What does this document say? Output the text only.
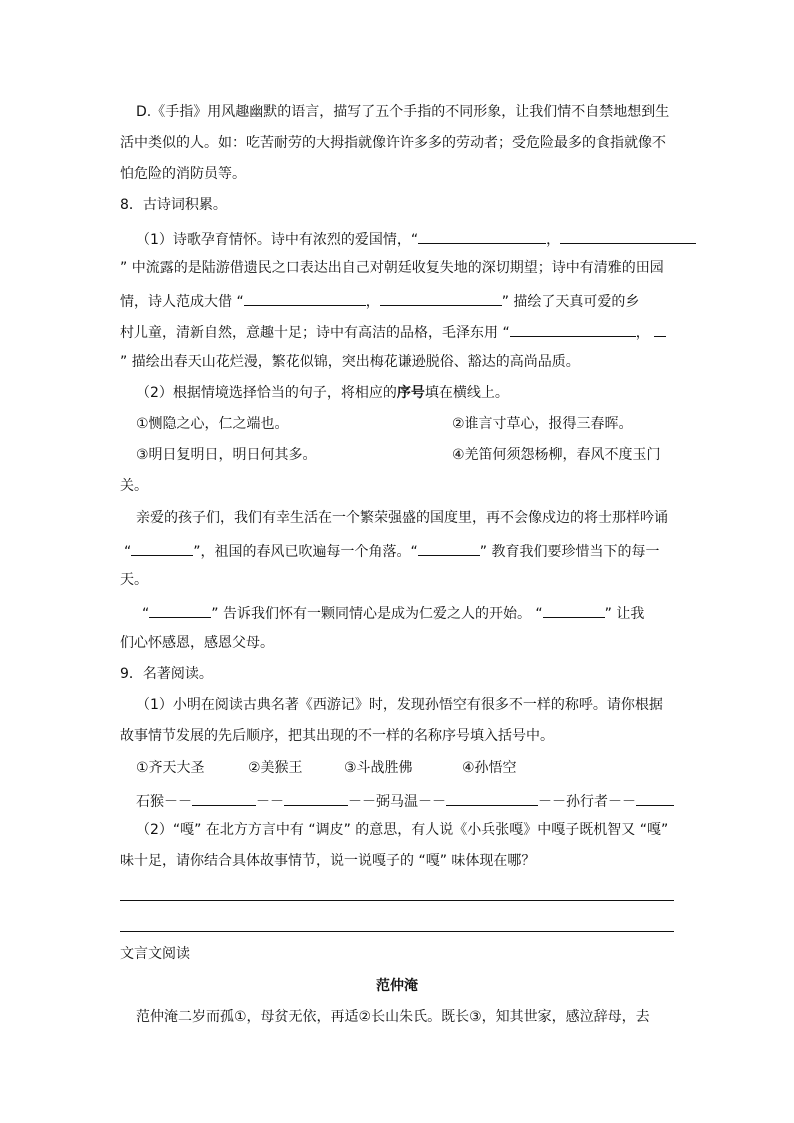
D.《手指》用风趣幽默的语言，描写了五个手指的不同形象，让我们情不自禁地想到生
活中类似的人。如：吃苦耐劳的大拇指就像许许多多的劳动者；受危险最多的食指就像不
怕危险的消防员等。
8．古诗词积累。
（1）诗歌孕育情怀。诗中有浓烈的爱国情，“	，
” 中流露的是陆游借遗民之口表达出自己对朝廷收复失地的深切期望；诗中有清雅的田园
情，诗人范成大借 “	，	” 描绘了天真可爱的乡
村儿童，清新自然，意趣十足；诗中有高洁的品格，毛泽东用 “	，
” 描绘出春天山花烂漫，繁花似锦，突出梅花谦逊脱俗、豁达的高尚品质。
（2）根据情境选择恰当的句子，将相应的序号填在横线上。
①恻隐之心，仁之端也。	②谁言寸草心，报得三春晖。
③明日复明日，明日何其多。	④羌笛何须怨杨柳，春风不度玉门
关。
亲爱的孩子们，我们有幸生活在一个繁荣强盛的国度里，再不会像戍边的将士那样吟诵
“	”，祖国的春风已吹遍每一个角落。“	” 教育我们要珍惜当下的每一
天。
“	” 告诉我们怀有一颗同情心是成为仁爱之人的开始。 “	” 让我
们心怀感恩，感恩父母。
9．名著阅读。
（1）小明在阅读古典名著《西游记》时，发现孙悟空有很多不一样的称呼。请你根据
故事情节发展的先后顺序，把其出现的不一样的名称序号填入括号中。
①齐天大圣	②美猴王	③斗战胜佛	④孙悟空
石猴－－	－－	－－弼马温－－	－－孙行者－－
（2）“嘎” 在北方方言中有 “调皮” 的意思，有人说《小兵张嘎》中嘎子既机智又 “嘎”
味十足，请你结合具体故事情节，说一说嘎子的 “嘎” 味体现在哪？
文言文阅读
范仲淹
范仲淹二岁而孤①，母贫无依，再适②长山朱氏。既长③，知其世家，感泣辞母，去
